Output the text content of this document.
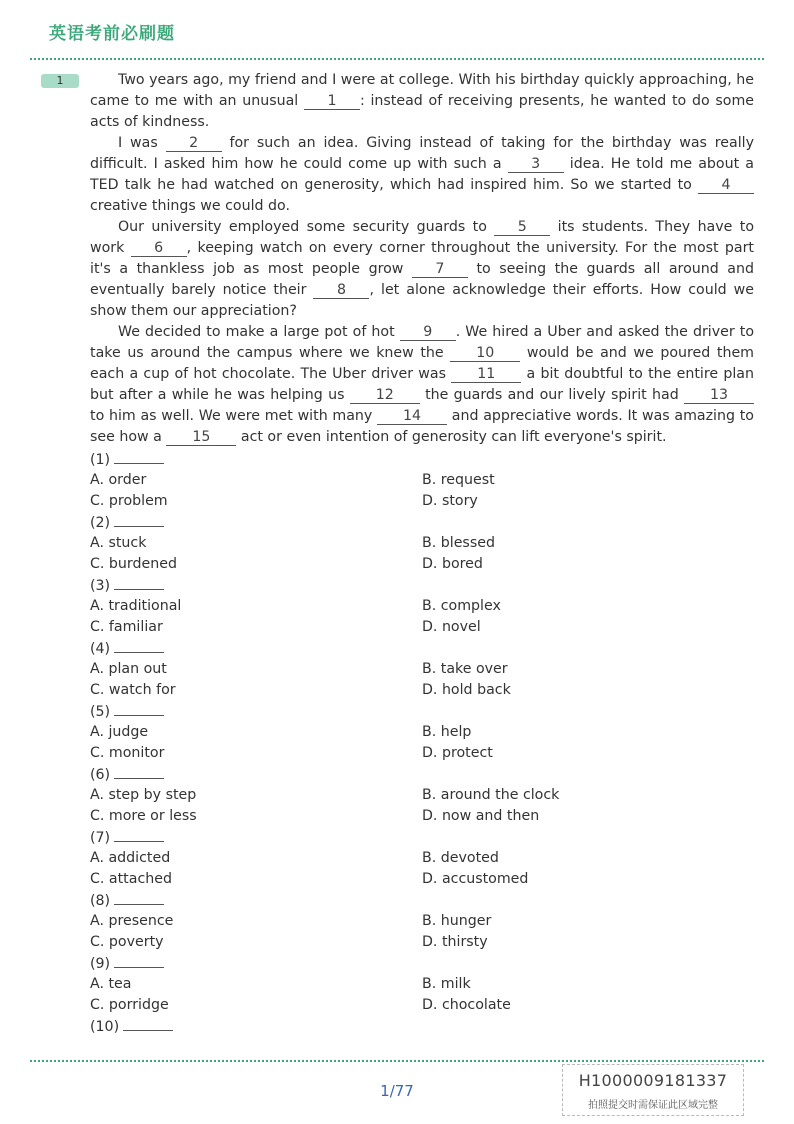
英语考前必刷题
1	Two years ago, my friend and I were at college. With his birthday quickly approaching, he came to me with an unusual 1 : instead of receiving presents, he wanted to do some acts of kindness.

I was 2 for such an idea. Giving instead of taking for the birthday was really difficult. I asked him how he could come up with such a 3 idea. He told me about a TED talk he had watched on generosity, which had inspired him. So we started to 4 creative things we could do.

Our university employed some security guards to 5 its students. They have to work 6 , keeping watch on every corner throughout the university. For the most part it's a thankless job as most people grow 7 to seeing the guards all around and eventually barely notice their 8 , let alone acknowledge their efforts. How could we show them our appreciation?

We decided to make a large pot of hot 9 . We hired a Uber and asked the driver to take us around the campus where we knew the 10 would be and we poured them each a cup of hot chocolate. The Uber driver was 11 a bit doubtful to the entire plan but after a while he was helping us 12 the guards and our lively spirit had 13 to him as well. We were met with many 14 and appreciative words. It was amazing to see how a 15 act or even intention of generosity can lift everyone's spirit.

(1)
A. order	B. request
C. problem	D. story
(2)
A. stuck	B. blessed
C. burdened	D. bored
(3)
A. traditional	B. complex
C. familiar	D. novel
(4)
A. plan out	B. take over
C. watch for	D. hold back
(5)
A. judge	B. help
C. monitor	D. protect
(6)
A. step by step	B. around the clock
C. more or less	D. now and then
(7)
A. addicted	B. devoted
C. attached	D. accustomed
(8)
A. presence	B. hunger
C. poverty	D. thirsty
(9)
A. tea	B. milk
C. porridge	D. chocolate
(10)
1/77
H1000009181337
拍照提交时需保证此区域完整
